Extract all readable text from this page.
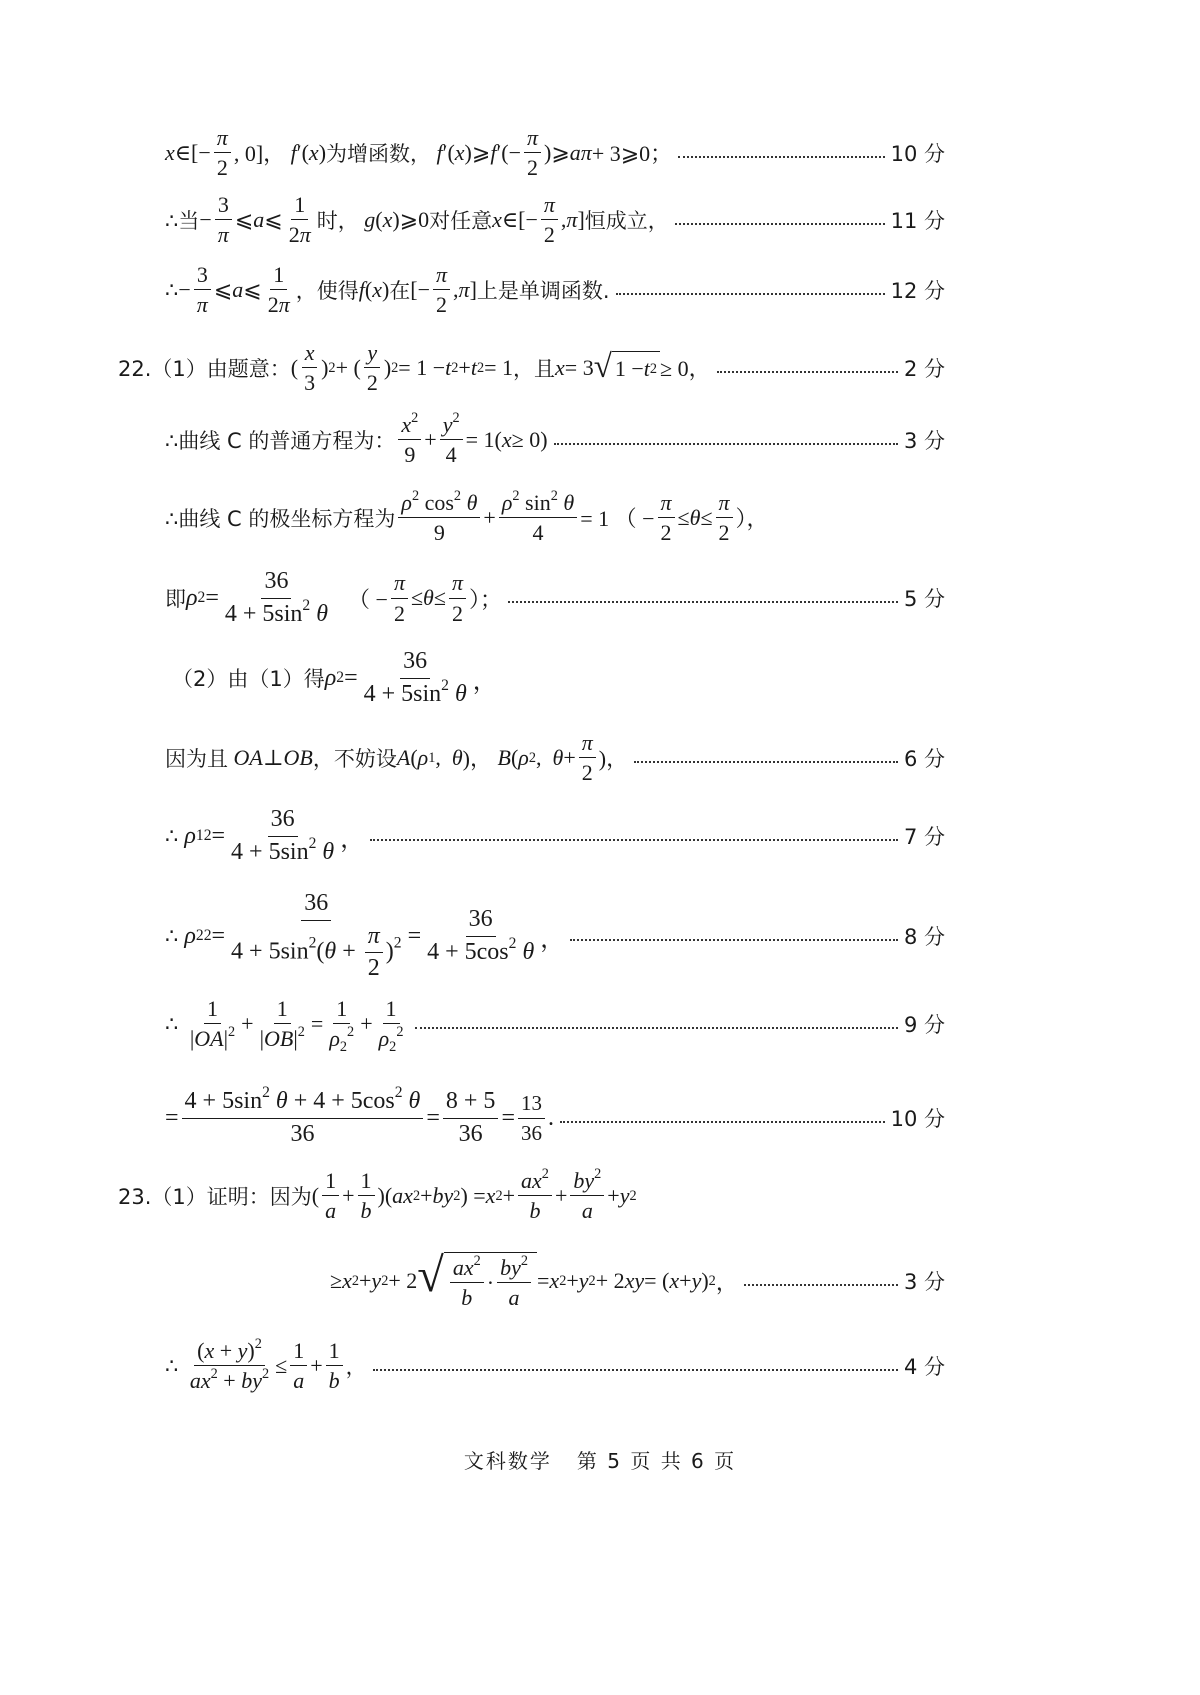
x ∈[− $\frac{\pi}{2}$ , 0]， f ′( x ) 为增函数，
f ′( x )⩾ f ′(− $\frac{\pi}{2}$ )⩾ aπ + 3⩾0；	10 分
∴当 − $\frac{3}{\pi}$ ⩽ a ⩽ $\frac{1}{2\pi}$ 时，
g ( x )⩾0 对任意 x ∈[− $\frac{\pi}{2}$ , π ] 恒成立，	11 分
∴ − $\frac{3}{\pi}$ ⩽ a ⩽ $\frac{1}{2\pi}$ ，使得 f ( x ) 在 [− $\frac{\pi}{2}$ , π ] 上是单调函数.	12 分
22.（1）由题意： ( $\frac{x}{3}$ ) 2 + ( $\frac{y}{2}$ ) 2 = 1 − t 2 + t 2 = 1 ，且 x = 3 √ 1 − t 2 ≥ 0，	2 分
∴曲线 C 的普通方程为： $\frac{x^2}{9} + \frac{y^2}{4} = 1$( x ≥ 0)	3 分
∴曲线 C 的极坐标方程为 $\frac{\rho^2 \cos^2 \theta}{9} + \frac{\rho^2 \sin^2 \theta}{4} = 1$ （ − $\frac{\pi}{2} \le \theta \le \frac{\pi}{2}$ ），
即 ρ $2 = \frac{36}{4 + 5\sin^2 \theta}$ （ − $\frac{\pi}{2} \le \theta \le \frac{\pi}{2}$ ）；	5 分
（2）由（1）得 ρ $2 = \frac{36}{4 + 5\sin^2 \theta}$ ，
因为且
OA ⊥ OB ，不妨设 A ( ρ 1 , θ )， B ( ρ 2 , $\theta + \frac{\pi}{2}$ )，	6 分
∴
ρ 1 $2 = \frac{36}{4 + 5\sin^2 \theta}$ ，	7 分
∴
ρ 2 $2 = \frac{36}{4 + 5\sin^2(\theta + \frac{\pi}{2} )^2} = \frac{36}{4 + 5\cos^2 \theta}$ ，	8 分
∴
$\frac{1}{|OA|^2} + \frac{1}{|OB|^2} = \frac{1}{\rho_2^2} + \frac{1}{\rho_2^2}$	9 分
= $\frac{4 + 5\sin^2 \theta + 4 + 5\cos^2 \theta}{36} = \frac{8 + 5}{36} = \frac{13}{36}$ .	10 分
23.（1）证明：因为 ( $\frac{1}{a} + \frac{1}{b}$ )( ax 2 + by 2 ) = x $2 + \frac{ax^2}{b} + \frac{by^2}{a} + y$ 2
≥ x 2 + y 2 + 2 √ $\frac{ax^2}{b} \cdot \frac{by^2}{a} = x$ 2 + y 2 + 2 xy = ( x + y ) 2 ，	3 分
∴
$\frac{(x + y)^2}{ax^2 + by^2} \le \frac{1}{a} + \frac{1}{b}$ ，	4 分
文科数学 第 5 页 共 6 页
